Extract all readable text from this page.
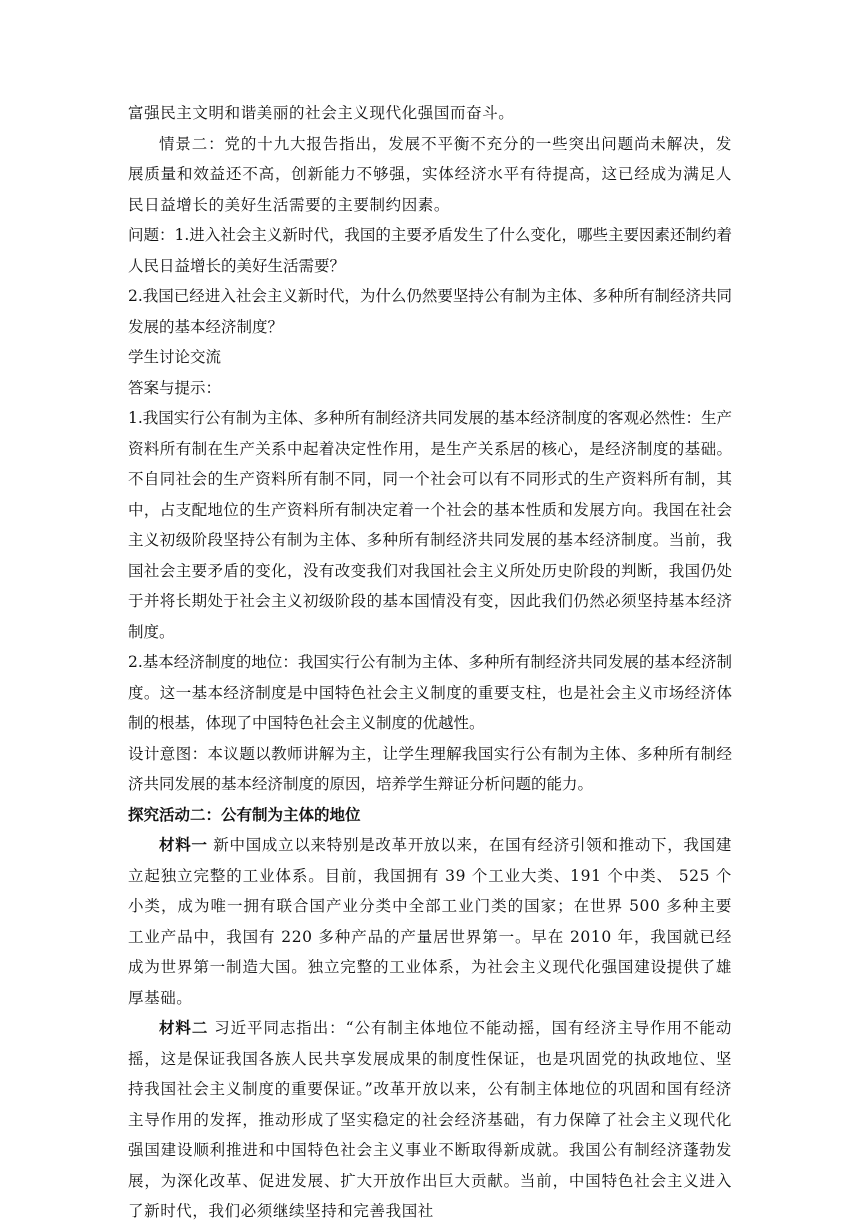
富强民主文明和谐美丽的社会主义现代化强国而奋斗。

情景二：党的十九大报告指出，发展不平衡不充分的一些突出问题尚未解决，发展质量和效益还不高，创新能力不够强，实体经济水平有待提高，这已经成为满足人民日益增长的美好生活需要的主要制约因素。

问题：1.进入社会主义新时代，我国的主要矛盾发生了什么变化，哪些主要因素还制约着人民日益增长的美好生活需要？

2.我国已经进入社会主义新时代，为什么仍然要坚持公有制为主体、多种所有制经济共同发展的基本经济制度？

学生讨论交流

答案与提示：

1.我国实行公有制为主体、多种所有制经济共同发展的基本经济制度的客观必然性：生产资料所有制在生产关系中起着决定性作用，是生产关系居的核心，是经济制度的基础。不自同社会的生产资料所有制不同，同一个社会可以有不同形式的生产资料所有制，其中，占支配地位的生产资料所有制决定着一个社会的基本性质和发展方向。我国在社会主义初级阶段坚持公有制为主体、多种所有制经济共同发展的基本经济制度。当前，我国社会主要矛盾的变化，没有改变我们对我国社会主义所处历史阶段的判断，我国仍处于并将长期处于社会主义初级阶段的基本国情没有变，因此我们仍然必须坚持基本经济制度。

2.基本经济制度的地位：我国实行公有制为主体、多种所有制经济共同发展的基本经济制度。这一基本经济制度是中国特色社会主义制度的重要支柱，也是社会主义市场经济体制的根基，体现了中国特色社会主义制度的优越性。

设计意图：本议题以教师讲解为主，让学生理解我国实行公有制为主体、多种所有制经济共同发展的基本经济制度的原因，培养学生辩证分析问题的能力。

探究活动二：公有制为主体的地位

材料一 新中国成立以来特别是改革开放以来，在国有经济引领和推动下，我国建立起独立完整的工业体系。目前，我国拥有 39 个工业大类、191 个中类、 525 个小类，成为唯一拥有联合国产业分类中全部工业门类的国家；在世界 500 多种主要工业产品中，我国有 220 多种产品的产量居世界第一。早在 2010 年，我国就已经成为世界第一制造大国。独立完整的工业体系，为社会主义现代化强国建设提供了雄厚基础。

材料二 习近平同志指出：“公有制主体地位不能动摇，国有经济主导作用不能动摇，这是保证我国各族人民共享发展成果的制度性保证，也是巩固党的执政地位、坚持我国社会主义制度的重要保证。”改革开放以来，公有制主体地位的巩固和国有经济主导作用的发挥，推动形成了坚实稳定的社会经济基础，有力保障了社会主义现代化强国建设顺利推进和中国特色社会主义事业不断取得新成就。我国公有制经济蓬勃发展，为深化改革、促进发展、扩大开放作出巨大贡献。当前，中国特色社会主义进入了新时代，我们必须继续坚持和完善我国社
